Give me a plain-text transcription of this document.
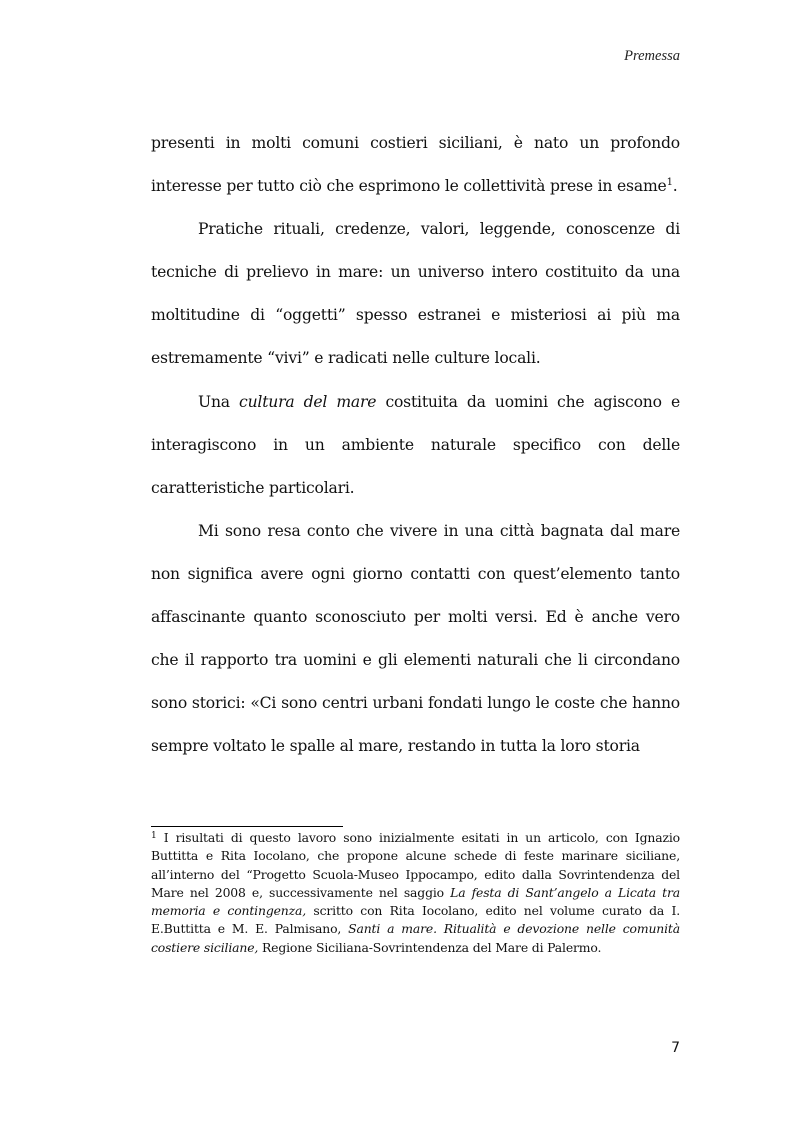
Premessa

presenti in molti comuni costieri siciliani, è nato un profondo interesse per tutto ciò che esprimono le collettività prese in esame$^1$.

Pratiche rituali, credenze, valori, leggende, conoscenze di tecniche di prelievo in mare: un universo intero costituito da una moltitudine di “oggetti” spesso estranei e misteriosi ai più ma estremamente “vivi” e radicati nelle culture locali.

Una cultura del mare costituita da uomini che agiscono e interagiscono in un ambiente naturale specifico con delle caratteristiche particolari.

Mi sono resa conto che vivere in una città bagnata dal mare non significa avere ogni giorno contatti con quest’elemento tanto affascinante quanto sconosciuto per molti versi. Ed è anche vero che il rapporto tra uomini e gli elementi naturali che li circondano sono storici: «Ci sono centri urbani fondati lungo le coste che hanno sempre voltato le spalle al mare, restando in tutta la loro storia

$^1$ I risultati di questo lavoro sono inizialmente esitati in un articolo, con Ignazio Buttitta e Rita Iocolano, che propone alcune schede di feste marinare siciliane, all’interno del “Progetto Scuola-Museo Ippocampo, edito dalla Sovrintendenza del Mare nel 2008 e, successivamente nel saggio La festa di Sant’angelo a Licata tra memoria e contingenza, scritto con Rita Iocolano, edito nel volume curato da I. E.Buttitta e M. E. Palmisano, Santi a mare. Ritualità e devozione nelle comunità costiere siciliane, Regione Siciliana-Sovrintendenza del Mare di Palermo.

7
